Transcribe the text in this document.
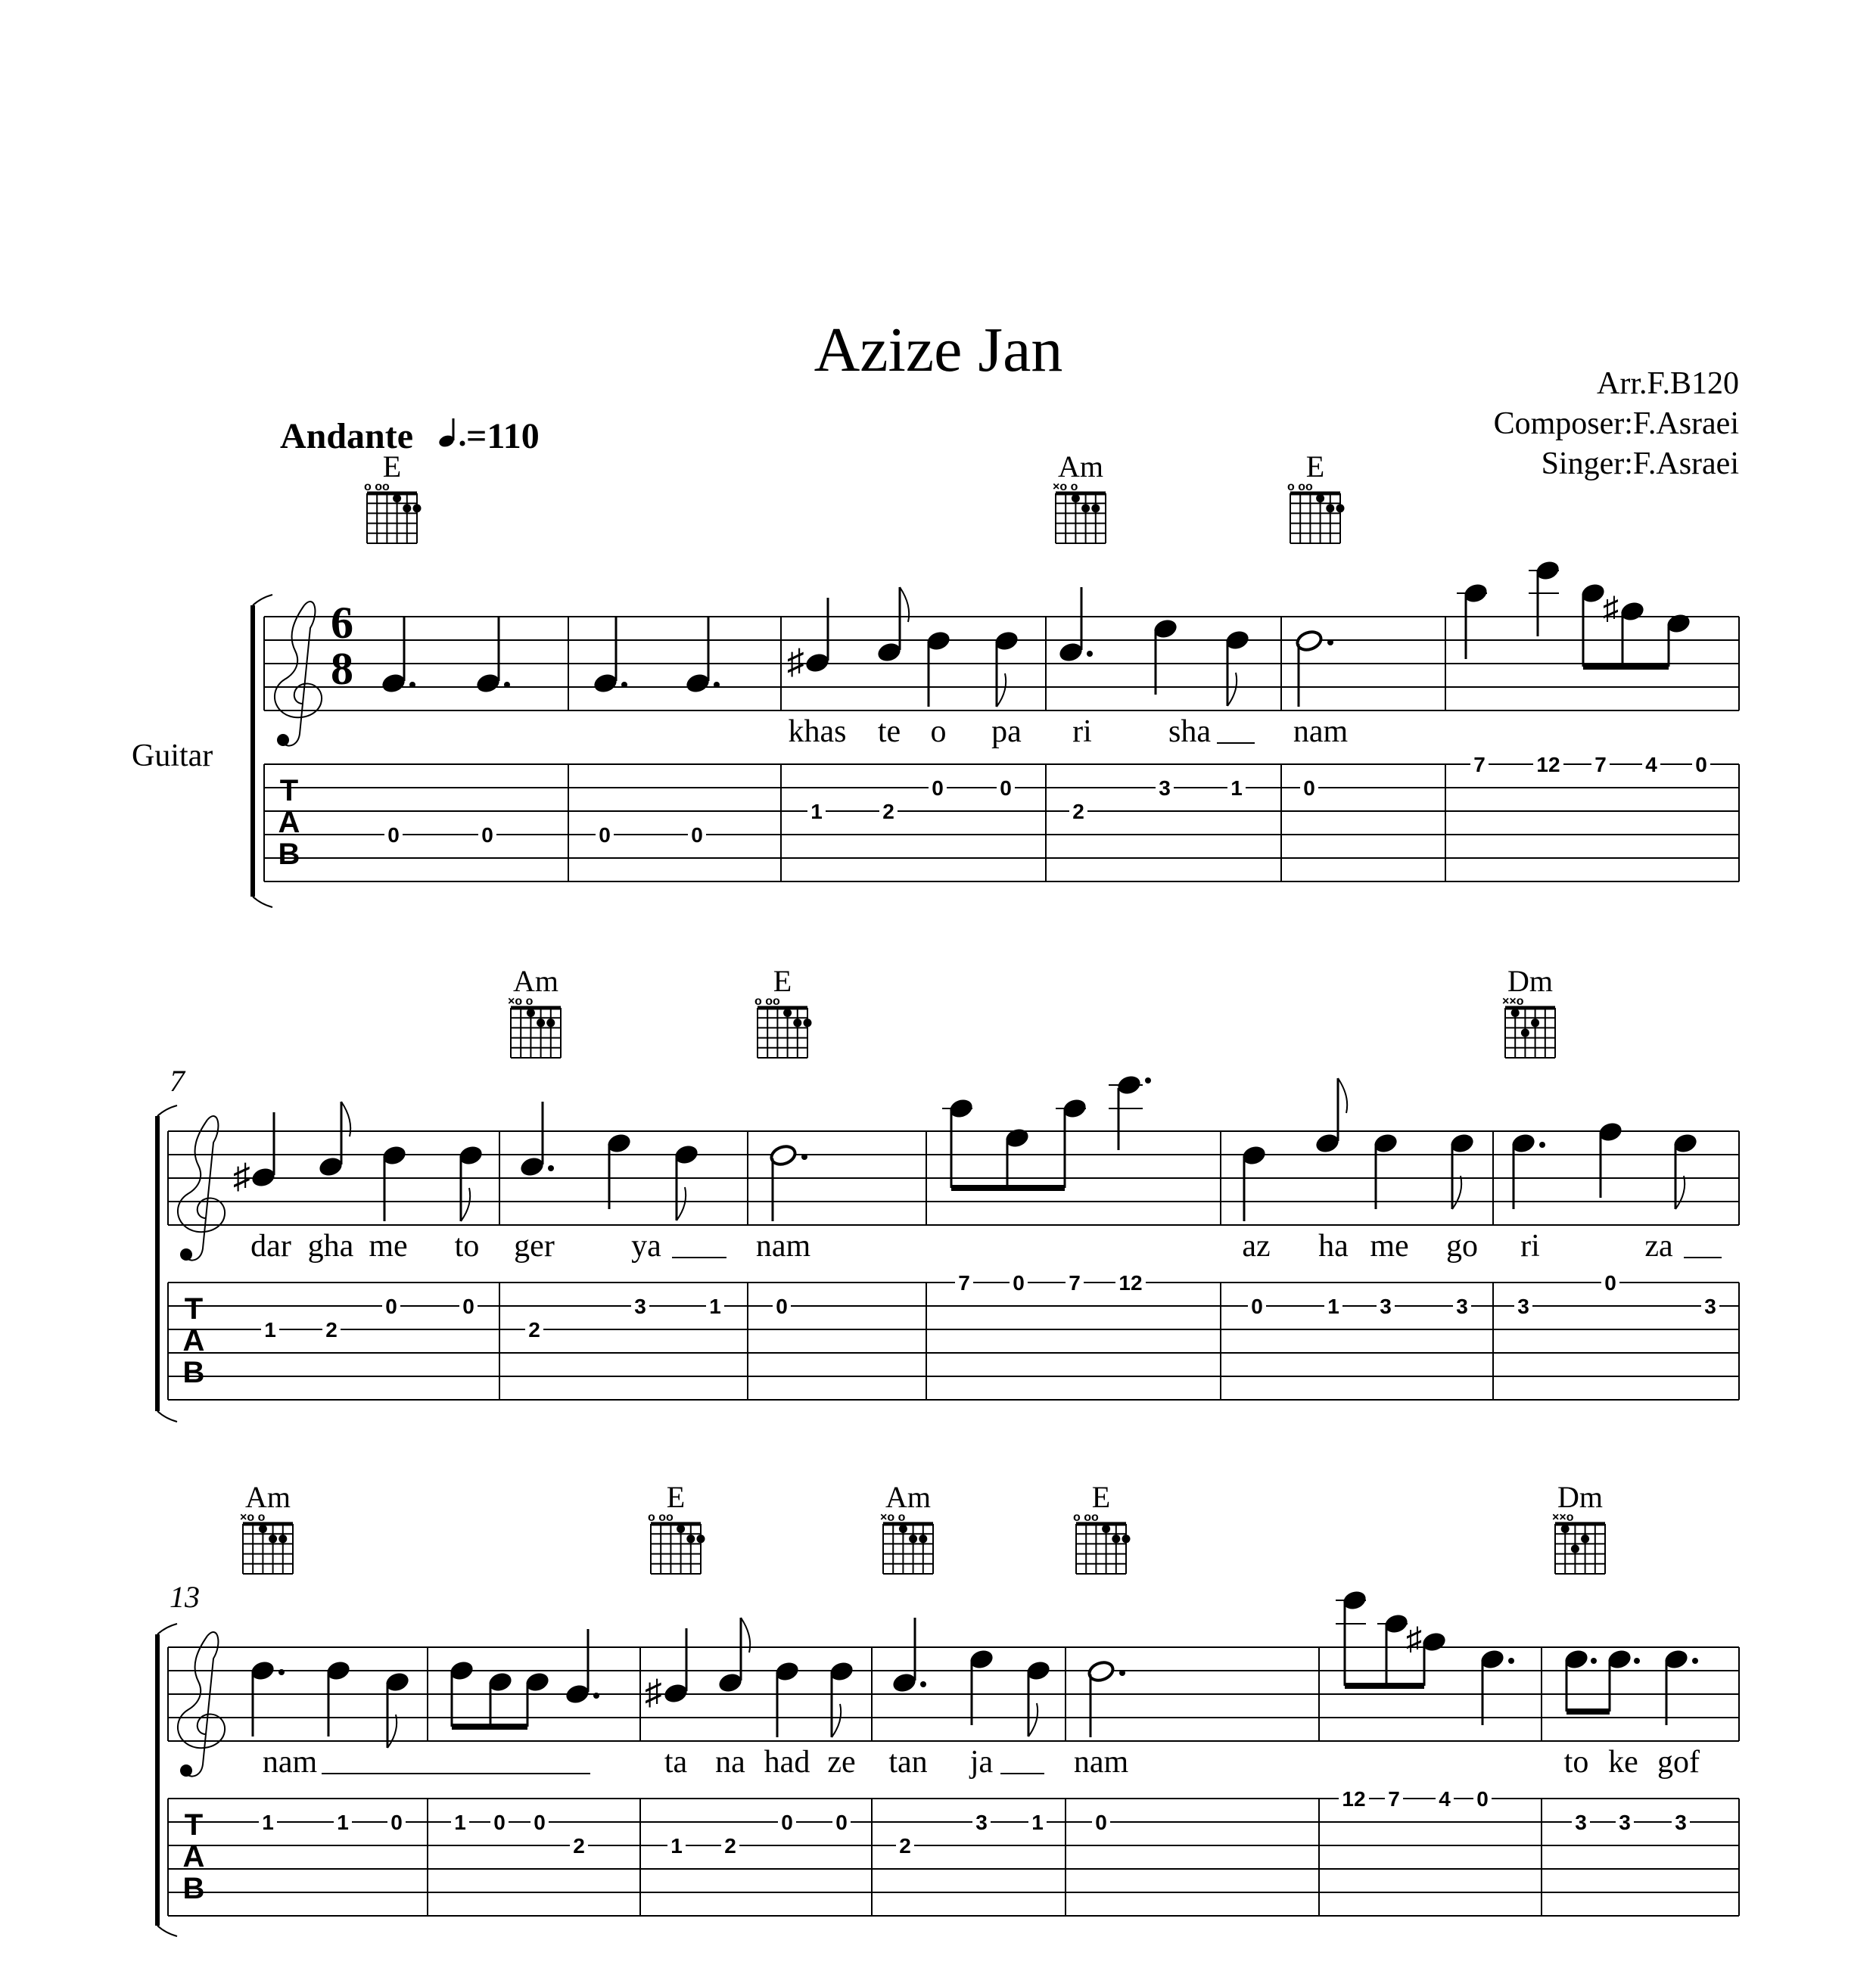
Azize Jan	Arr.F.B120
Composer:F.Asraei
Singer:F.Asraei
Andante =110
Guitar
6
8	♯
♯
khas te o pa ri sha	nam
T
A
B
0	0	0	0
1	2
0	0
2
3	1	0
7 12 7 4 0
7
♯
dar gha me to ger ya	nam	az ha me go ri	za
T
A
B
1 2
0	0
2
3	1	0
7 0 7 12
0	1 3	3 3
0
3
13
♯
♯
nam	ta na had ze tan ja	nam	to ke gof
T
A
B
1	1 0 1 0 0
2	1 2
0 0
2
3 1 0
12 7 4 0
3 3 3
E
o oo
Am
×o o
E
o oo
Am
×o o
E
o oo
Dm
××o
Am
×o o
E
o oo
Am
×o o
E
o oo
Dm
××o
